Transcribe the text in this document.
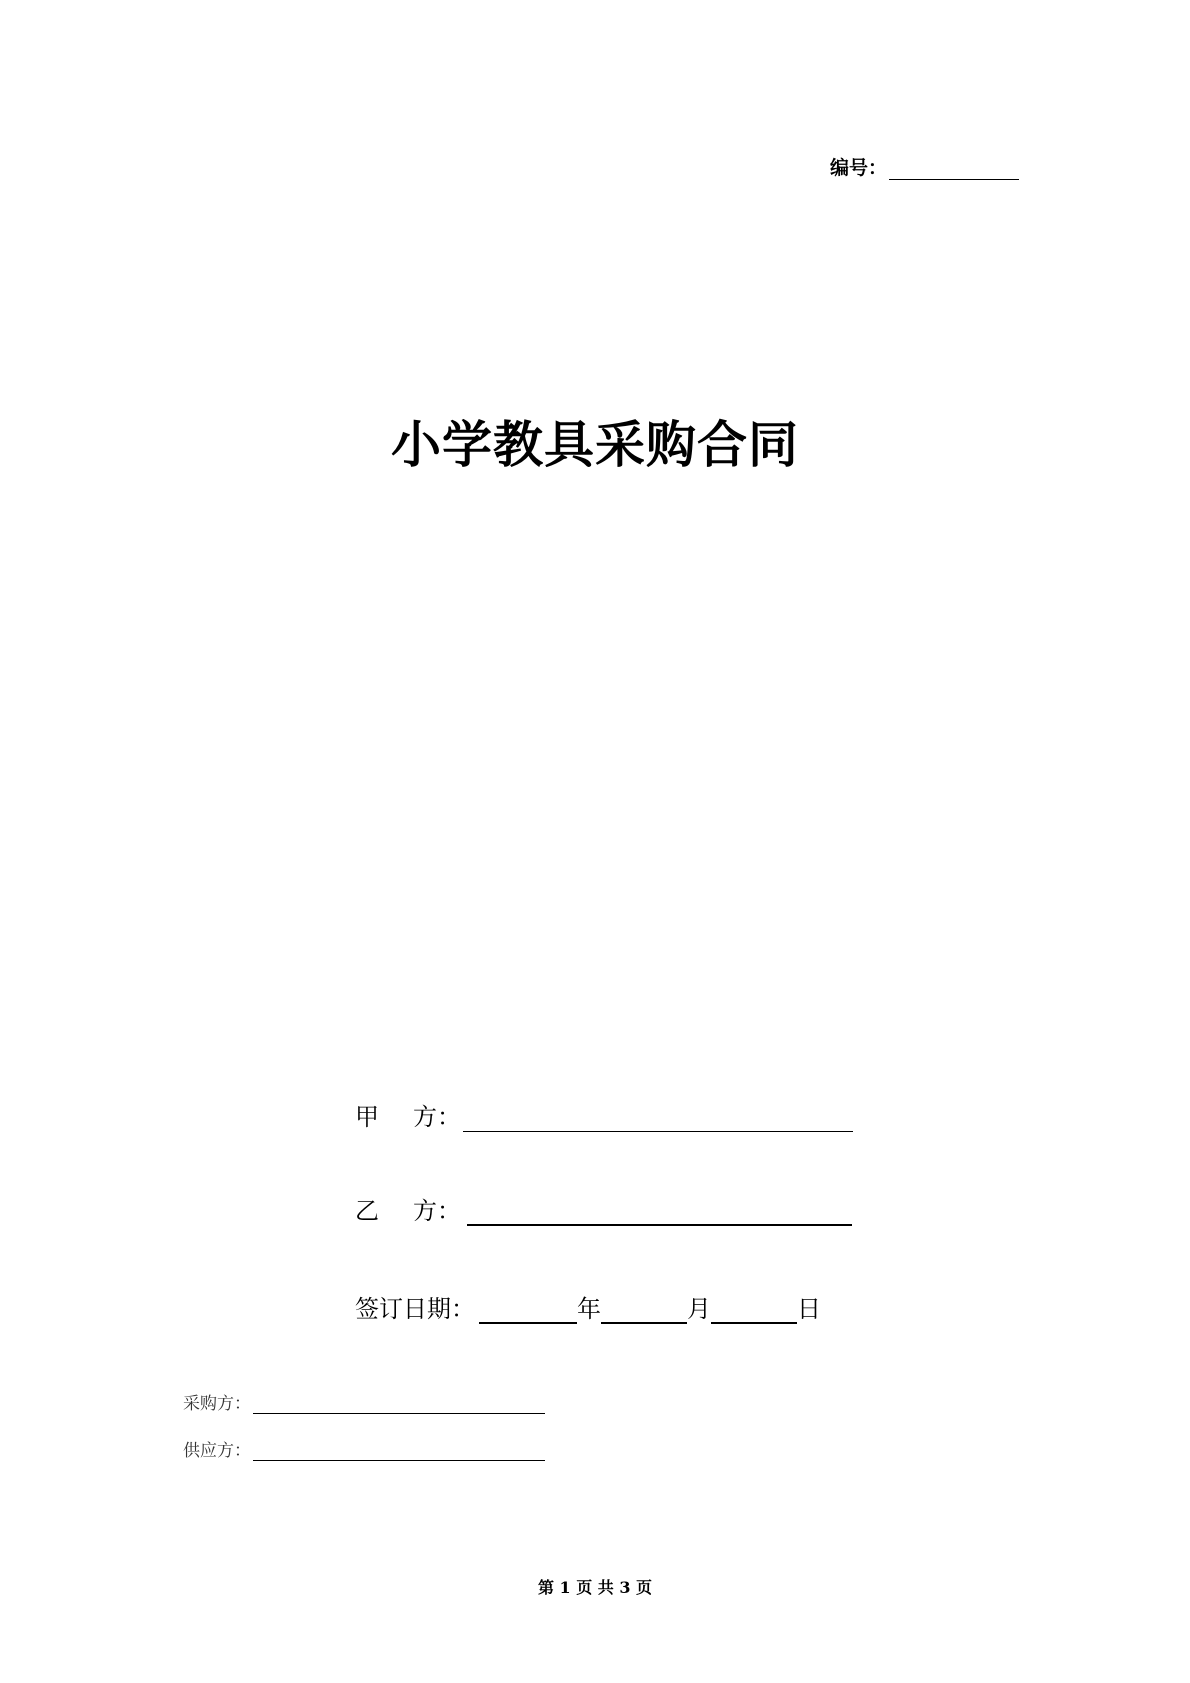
编号：
小学教具采购合同
甲 方：
乙 方：
签订日期：	年	月	日
采购方：
供应方：
第 1 页 共 3 页
